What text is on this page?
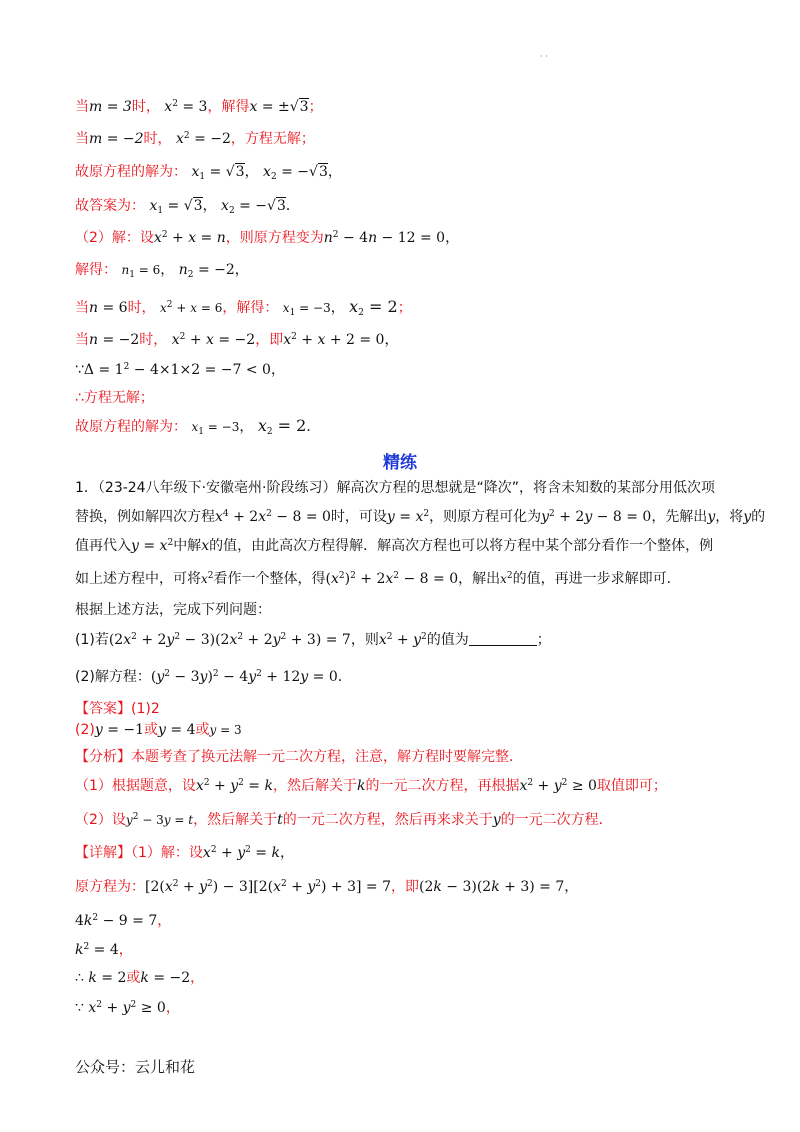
· ·
当m = 3时， $x^2 = 3$，解得x = ±√3；
当m = −2时， $x^2 = -2$，方程无解；
故原方程的解为： $x_1 = √3$， $x_2 = -√3$，
故答案为： $x_1 = √3$， $x_2 = -√3$．
（2）解：设$x^2 + x = n$，则原方程变为$n^2 - 4n - 12 = 0$，
解得： $n_1 = 6$， $n_2 = -2$，
当n = 6时， $x^2 + x = 6$，解得： $x_1 = -3$， $x_2 = 2$；
当n = −2时， $x^2 + x = -2$，即$x^2 + x + 2 = 0$，
∵Δ = $1^2 - 4\times 1\times 2 = -7 < 0$，
∴方程无解；
故原方程的解为： $x_1 = -3$， $x_2 = 2$．
精练
1．（23-24八年级下·安徽亳州·阶段练习）解高次方程的思想就是“降次”，将含未知数的某部分用低次项
替换，例如解四次方程$x^4 + 2x^2 - 8 = 0$时，可设$y = x^2$，则原方程可化为$y^2 + 2y - 8 = 0$，先解出y，将y的
值再代入$y = x^2$中解x的值，由此高次方程得解．解高次方程也可以将方程中某个部分看作一个整体，例
如上述方程中，可将$x^2$看作一个整体，得$(x^2)^2 + 2x^2 - 8 = 0$，解出$x^2$的值，再进一步求解即可．
根据上述方法，完成下列问题：
(1)若$(2x^2 + 2y^2 - 3)(2x^2 + 2y^2 + 3) = 7$，则$x^2 + y^2$的值为	；
(2)解方程：$(y^2 - 3y)^2 - 4y^2 + 12y = 0$．
【答案】(1)2
(2)y = −1或y = 4或y = 3
【分析】本题考查了换元法解一元二次方程，注意，解方程时要解完整．
（1）根据题意，设$x^2 + y^2 = k$，然后解关于k的一元二次方程，再根据$x^2 + y^2 \ge 0$取值即可；
（2）设$y^2 - 3y = t$，然后解关于t的一元二次方程，然后再来求关于y的一元二次方程．
【详解】（1）解：设$x^2 + y^2 = k$，
原方程为：$[2(x^2 + y^2) - 3][2(x^2 + y^2) + 3] = 7$，即(2k − 3)(2k + 3) = 7，
$4k^2 - 9 = 7$，
$k^2 = 4$，
∴ k = 2或k = −2，
∵ $x^2 + y^2 \ge 0$，
公众号：云儿和花
